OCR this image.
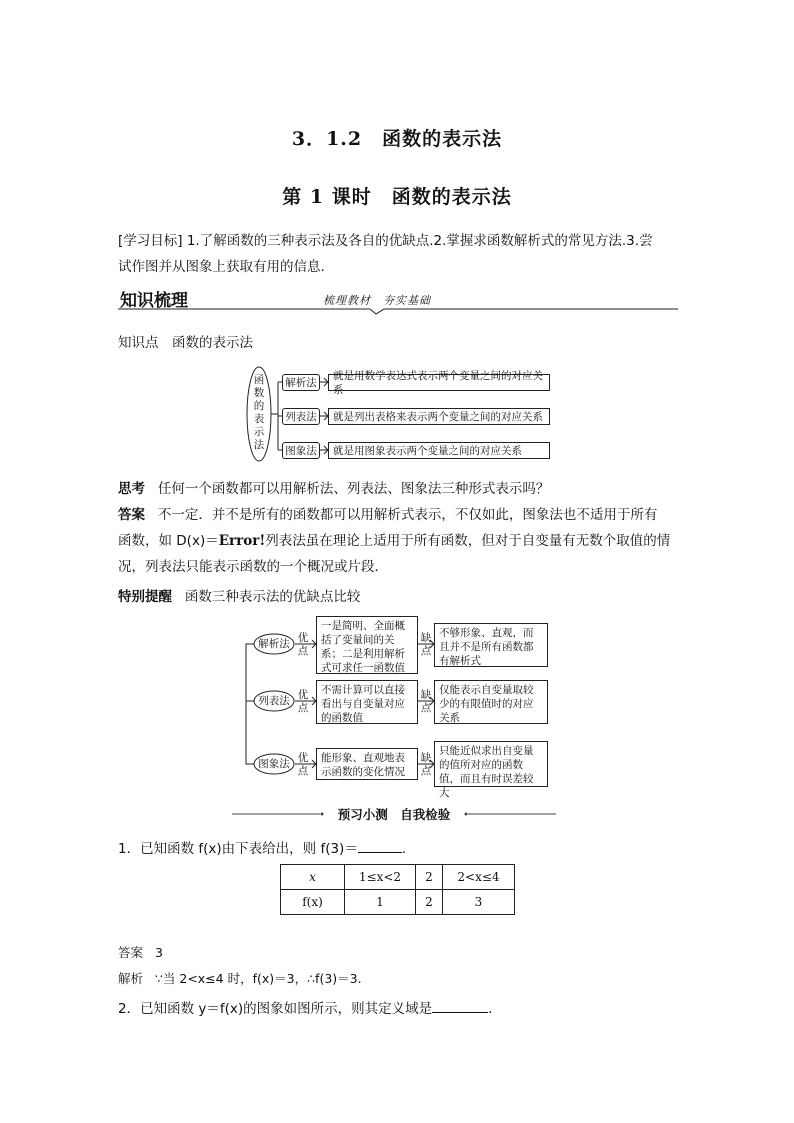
3．1.2　函数的表示法
第 1 课时　函数的表示法
[学习目标] 1.了解函数的三种表示法及各自的优缺点.2.掌握求函数解析式的常见方法.3.尝
试作图并从图象上获取有用的信息.
知识梳理	梳理教材　夯实基础
知识点　函数的表示法
函
数
的
表
示
法
解析法
就是用数学表达式表示两个变量之间的对应关系
列表法	就是列出表格来表示两个变量之间的对应关系
图象法	就是用图象表示两个变量之间的对应关系
思考 任何一个函数都可以用解析法、列表法、图象法三种形式表示吗？
答案 不一定．并不是所有的函数都可以用解析式表示，不仅如此，图象法也不适用于所有
函数，如 D(x)＝Error!列表法虽在理论上适用于所有函数，但对于自变量有无数个取值的情
况，列表法只能表示函数的一个概况或片段．
特别提醒 函数三种表示法的优缺点比较
解析法
列表法
图象法
优
点
优
点
优
点
缺
点
缺
点
缺
点
一是简明、全面概括了变量间的关系；二是利用解析式可求任一函数值
不需计算可以直接看出与自变量对应的函数值
能形象、直观地表示函数的变化情况
不够形象、直观，而且并不是所有函数都有解析式
仅能表示自变量取较少的有限值时的对应关系
只能近似求出自变量的值所对应的函数值，而且有时误差较大
预习小测　自我检验
1．已知函数 f(x)由下表给出，则 f(3)＝	.
x	1≤x<2	2	2<x≤4
f(x)	1	2	3
答案 3
解析 ∵当 2<x≤4 时，f(x)＝3，∴f(3)＝3.
2．已知函数 y＝f(x)的图象如图所示，则其定义域是	．
